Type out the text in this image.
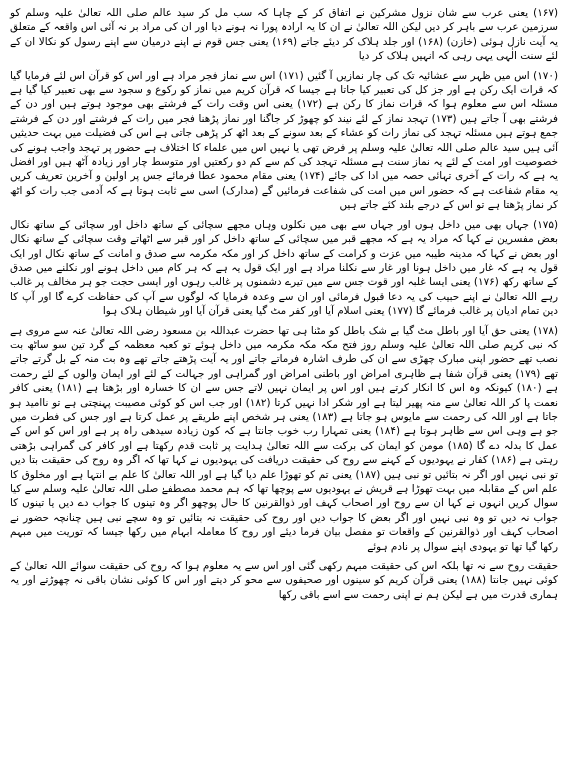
(۱۶۷) یعنی عرب سے شان نزول مشرکین نے اتفاق کر کے چاہا کہ سب مل کر سید عالم صلی اللہ تعالیٰ علیہ وسلم کو سرزمین عرب سے باہر کر دیں لیکن اللہ تعالیٰ نے ان کا یہ ارادہ پورا نہ ہونے دیا اور ان کی مراد بر نہ آئی اس واقعہ کے متعلق یہ آیت نازل ہوئی (خازن) (۱۶۸) اور جلد ہلاک کر دیئے جاتے (۱۶۹) یعنی جس قوم نے اپنے درمیان سے اپنے رسول کو نکالا ان کے لئے سنت الٰہی یہی رہی کہ انہیں ہلاک کر دیا

(۱۷۰) اس میں ظہر سے عشائیہ تک کی چار نمازیں آ گئیں (۱۷۱) اس سے نماز فجر مراد ہے اور اس کو قرآن اس لئے فرمایا گیا کہ قرات ایک رکن ہے اور جز کل کی تعبیر کیا جاتا ہے جیسا کہ قرآن کریم میں نماز کو رکوع و سجود سے بھی تعبیر کیا گیا ہے مسئلہ اس سے معلوم ہوا کہ قرات نماز کا رکن ہے (۱۷۲) یعنی اس وقت رات کے فرشتے بھی موجود ہوتے ہیں اور دن کے فرشتے بھی آ جاتے ہیں (۱۷۳) تہجد نماز کے لئے نیند کو چھوڑ کر جاگنا اور نماز پڑھنا فجر میں رات کے فرشتے اور دن کے فرشتے جمع ہوتے ہیں مسئلہ تہجد کی نماز رات کو عشاء کے بعد سونے کے بعد اٹھ کر پڑھی جاتی ہے اس کی فضیلت میں بہت حدیثیں آئی ہیں سید عالم صلی اللہ تعالیٰ علیہ وسلم پر فرض تھی یا نہیں اس میں علماء کا اختلاف ہے حضور پر تہجد واجب ہونے کی خصوصیت اور امت کے لئے یہ نماز سنت ہے مسئلہ تہجد کی کم سے کم دو رکعتیں اور متوسط چار اور زیادہ آٹھ ہیں اور افضل یہ ہے کہ رات کے آخری تہائی حصہ میں ادا کی جائے (۱۷۴) یعنی مقام محمود عطا فرمائے جس پر اولین و آخرین تعریف کریں یہ مقام شفاعت ہے کہ حضور اس میں امت کی شفاعت فرمائیں گے (مدارک) اسی سے ثابت ہوتا ہے کہ آدمی جب رات کو اٹھ کر نماز پڑھتا ہے تو اس کے درجے بلند کئے جاتے ہیں

(۱۷۵) جہاں بھی میں داخل ہوں اور جہاں سے بھی میں نکلوں وہاں مجھے سچائی کے ساتھ داخل اور سچائی کے ساتھ نکال بعض مفسرین نے کہا کہ مراد یہ ہے کہ مجھے قبر میں سچائی کے ساتھ داخل کر اور قبر سے اٹھاتے وقت سچائی کے ساتھ نکال اور بعض نے کہا کہ مدینہ طیبہ میں عزت و کرامت کے ساتھ داخل کر اور مکہ مکرمہ سے صدق و امانت کے ساتھ نکال اور ایک قول یہ ہے کہ غار میں داخل ہونا اور غار سے نکلنا مراد ہے اور ایک قول یہ ہے کہ ہر کام میں داخل ہونے اور نکلنے میں صدق کے ساتھ رکھ (۱۷۶) یعنی ایسا غلبہ اور قوت جس سے میں تیرے دشمنوں پر غالب رہوں اور ایسی حجت جو ہر مخالف پر غالب رہے اللہ تعالیٰ نے اپنے حبیب کی یہ دعا قبول فرمائی اور ان سے وعدہ فرمایا کہ لوگوں سے آپ کی حفاظت کرے گا اور آپ کا دین تمام ادیان پر غالب فرمائے گا (۱۷۷) یعنی اسلام آیا اور کفر مٹ گیا یعنی قرآن آیا اور شیطان ہلاک ہوا

(۱۷۸) یعنی حق آیا اور باطل مٹ گیا بے شک باطل کو مٹنا ہی تھا حضرت عبداللہ بن مسعود رضی اللہ تعالیٰ عنہ سے مروی ہے کہ نبی کریم صلی اللہ تعالیٰ علیہ وسلم روز فتح مکہ مکہ مکرمہ میں داخل ہوئے تو کعبہ معظمہ کے گرد تین سو ساٹھ بت نصب تھے حضور اپنی مبارک چھڑی سے ان کی طرف اشارہ فرماتے جاتے اور یہ آیت پڑھتے جاتے تھے وہ بت منہ کے بل گرتے جاتے تھے (۱۷۹) یعنی قرآن شفا ہے ظاہری امراض اور باطنی امراض اور گمراہی اور جہالت کے لئے اور ایمان والوں کے لئے رحمت ہے (۱۸۰) کیونکہ وہ اس کا انکار کرتے ہیں اور اس پر ایمان نہیں لاتے جس سے ان کا خسارہ اور بڑھتا ہے (۱۸۱) یعنی کافر نعمت پا کر اللہ تعالیٰ سے منہ پھیر لیتا ہے اور شکر ادا نہیں کرتا (۱۸۲) اور جب اس کو کوئی مصیبت پہنچتی ہے تو ناامید ہو جاتا ہے اور اللہ کی رحمت سے مایوس ہو جاتا ہے (۱۸۳) یعنی ہر شخص اپنے طریقے پر عمل کرتا ہے اور جس کی فطرت میں جو ہے وہی اس سے ظاہر ہوتا ہے (۱۸۴) یعنی تمہارا رب خوب جانتا ہے کہ کون زیادہ سیدھی راہ پر ہے اور اس کو اس کے عمل کا بدلہ دے گا (۱۸۵) مومن کو ایمان کی برکت سے اللہ تعالیٰ ہدایت پر ثابت قدم رکھتا ہے اور کافر کی گمراہی بڑھتی رہتی ہے (۱۸۶) کفار نے یہودیوں کے کہنے سے روح کی حقیقت دریافت کی یہودیوں نے کہا تھا کہ اگر وہ روح کی حقیقت بتا دیں تو نبی نہیں اور اگر نہ بتائیں تو نبی ہیں (۱۸۷) یعنی تم کو تھوڑا علم دیا گیا ہے اور اللہ تعالیٰ کا علم بے انتہا ہے اور مخلوق کا علم اس کے مقابلہ میں بہت تھوڑا ہے قریش نے یہودیوں سے پوچھا تھا کہ ہم محمد مصطفےٰ صلی اللہ تعالیٰ علیہ وسلم سے کیا سوال کریں انہوں نے کہا ان سے روح اور اصحاب کہف اور ذوالقرنین کا حال پوچھو اگر وہ تینوں کا جواب دے دیں یا تینوں کا جواب نہ دیں تو وہ نبی نہیں اور اگر بعض کا جواب دیں اور روح کی حقیقت نہ بتائیں تو وہ سچے نبی ہیں چنانچہ حضور نے اصحاب کہف اور ذوالقرنین کے واقعات تو مفصل بیان فرما دیئے اور روح کا معاملہ ابہام میں رکھا جیسا کہ توریت میں مبہم رکھا گیا تھا تو یہودی اپنے سوال پر نادم ہوئے

حقیقت روح سے نہ تھا بلکہ اس کی حقیقت مبہم رکھی گئی اور اس سے یہ معلوم ہوا کہ روح کی حقیقت سوائے اللہ تعالیٰ کے کوئی نہیں جانتا (۱۸۸) یعنی قرآن کریم کو سینوں اور صحیفوں سے محو کر دیتے اور اس کا کوئی نشان باقی نہ چھوڑتے اور یہ ہماری قدرت میں ہے لیکن ہم نے اپنی رحمت سے اسے باقی رکھا
